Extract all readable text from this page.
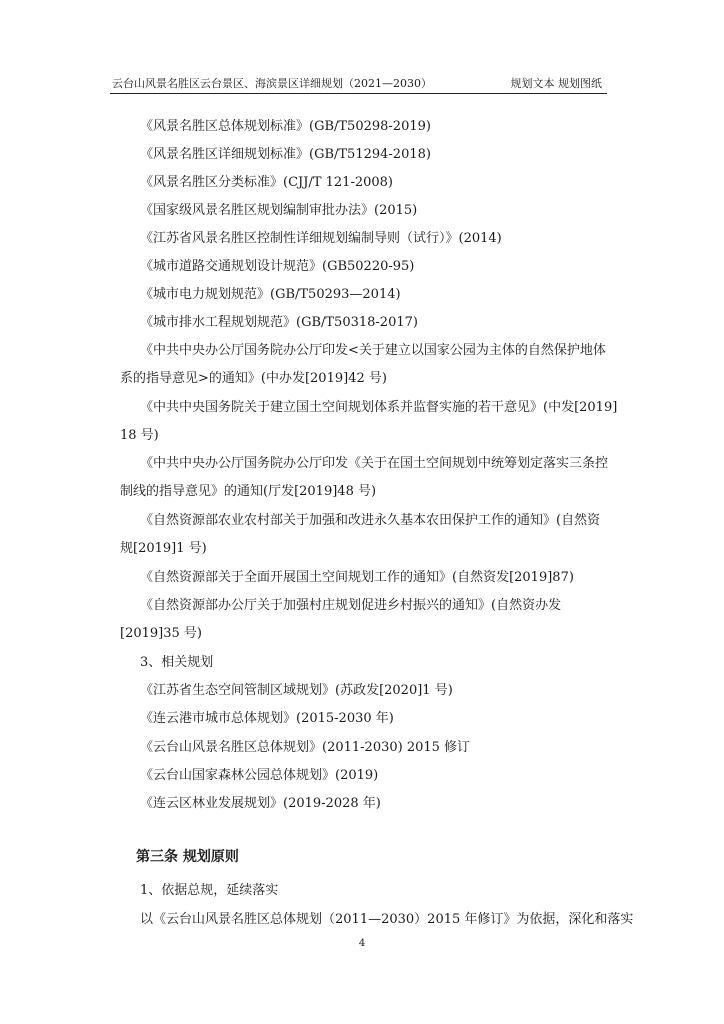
云台山风景名胜区云台景区、海滨景区详细规划（2021—2030）	规划文本 规划图纸
《风景名胜区总体规划标准》(GB/T50298-2019)
《风景名胜区详细规划标准》(GB/T51294-2018)
《风景名胜区分类标准》(CJJ/T 121-2008)
《国家级风景名胜区规划编制审批办法》(2015)
《江苏省风景名胜区控制性详细规划编制导则（试行）》(2014)
《城市道路交通规划设计规范》(GB50220-95)
《城市电力规划规范》(GB/T50293—2014)
《城市排水工程规划规范》(GB/T50318-2017)
《中共中央办公厅国务院办公厅印发<关于建立以国家公园为主体的自然保护地体
系的指导意见>的通知》(中办发[2019]42 号)
《中共中央国务院关于建立国土空间规划体系并监督实施的若干意见》(中发[2019]
18 号)
《中共中央办公厅国务院办公厅印发《关于在国土空间规划中统筹划定落实三条控
制线的指导意见》的通知(厅发[2019]48 号)
《自然资源部农业农村部关于加强和改进永久基本农田保护工作的通知》(自然资
规[2019]1 号)
《自然资源部关于全面开展国土空间规划工作的通知》(自然资发[2019]87)
《自然资源部办公厅关于加强村庄规划促进乡村振兴的通知》(自然资办发
[2019]35 号)
3、相关规划
《江苏省生态空间管制区域规划》(苏政发[2020]1 号)
《连云港市城市总体规划》(2015-2030 年)
《云台山风景名胜区总体规划》(2011-2030) 2015 修订
《云台山国家森林公园总体规划》(2019)
《连云区林业发展规划》(2019-2028 年)
第三条 规划原则
1、依据总规，延续落实
以《云台山风景名胜区总体规划（2011—2030）2015 年修订》为依据，深化和落实
4
